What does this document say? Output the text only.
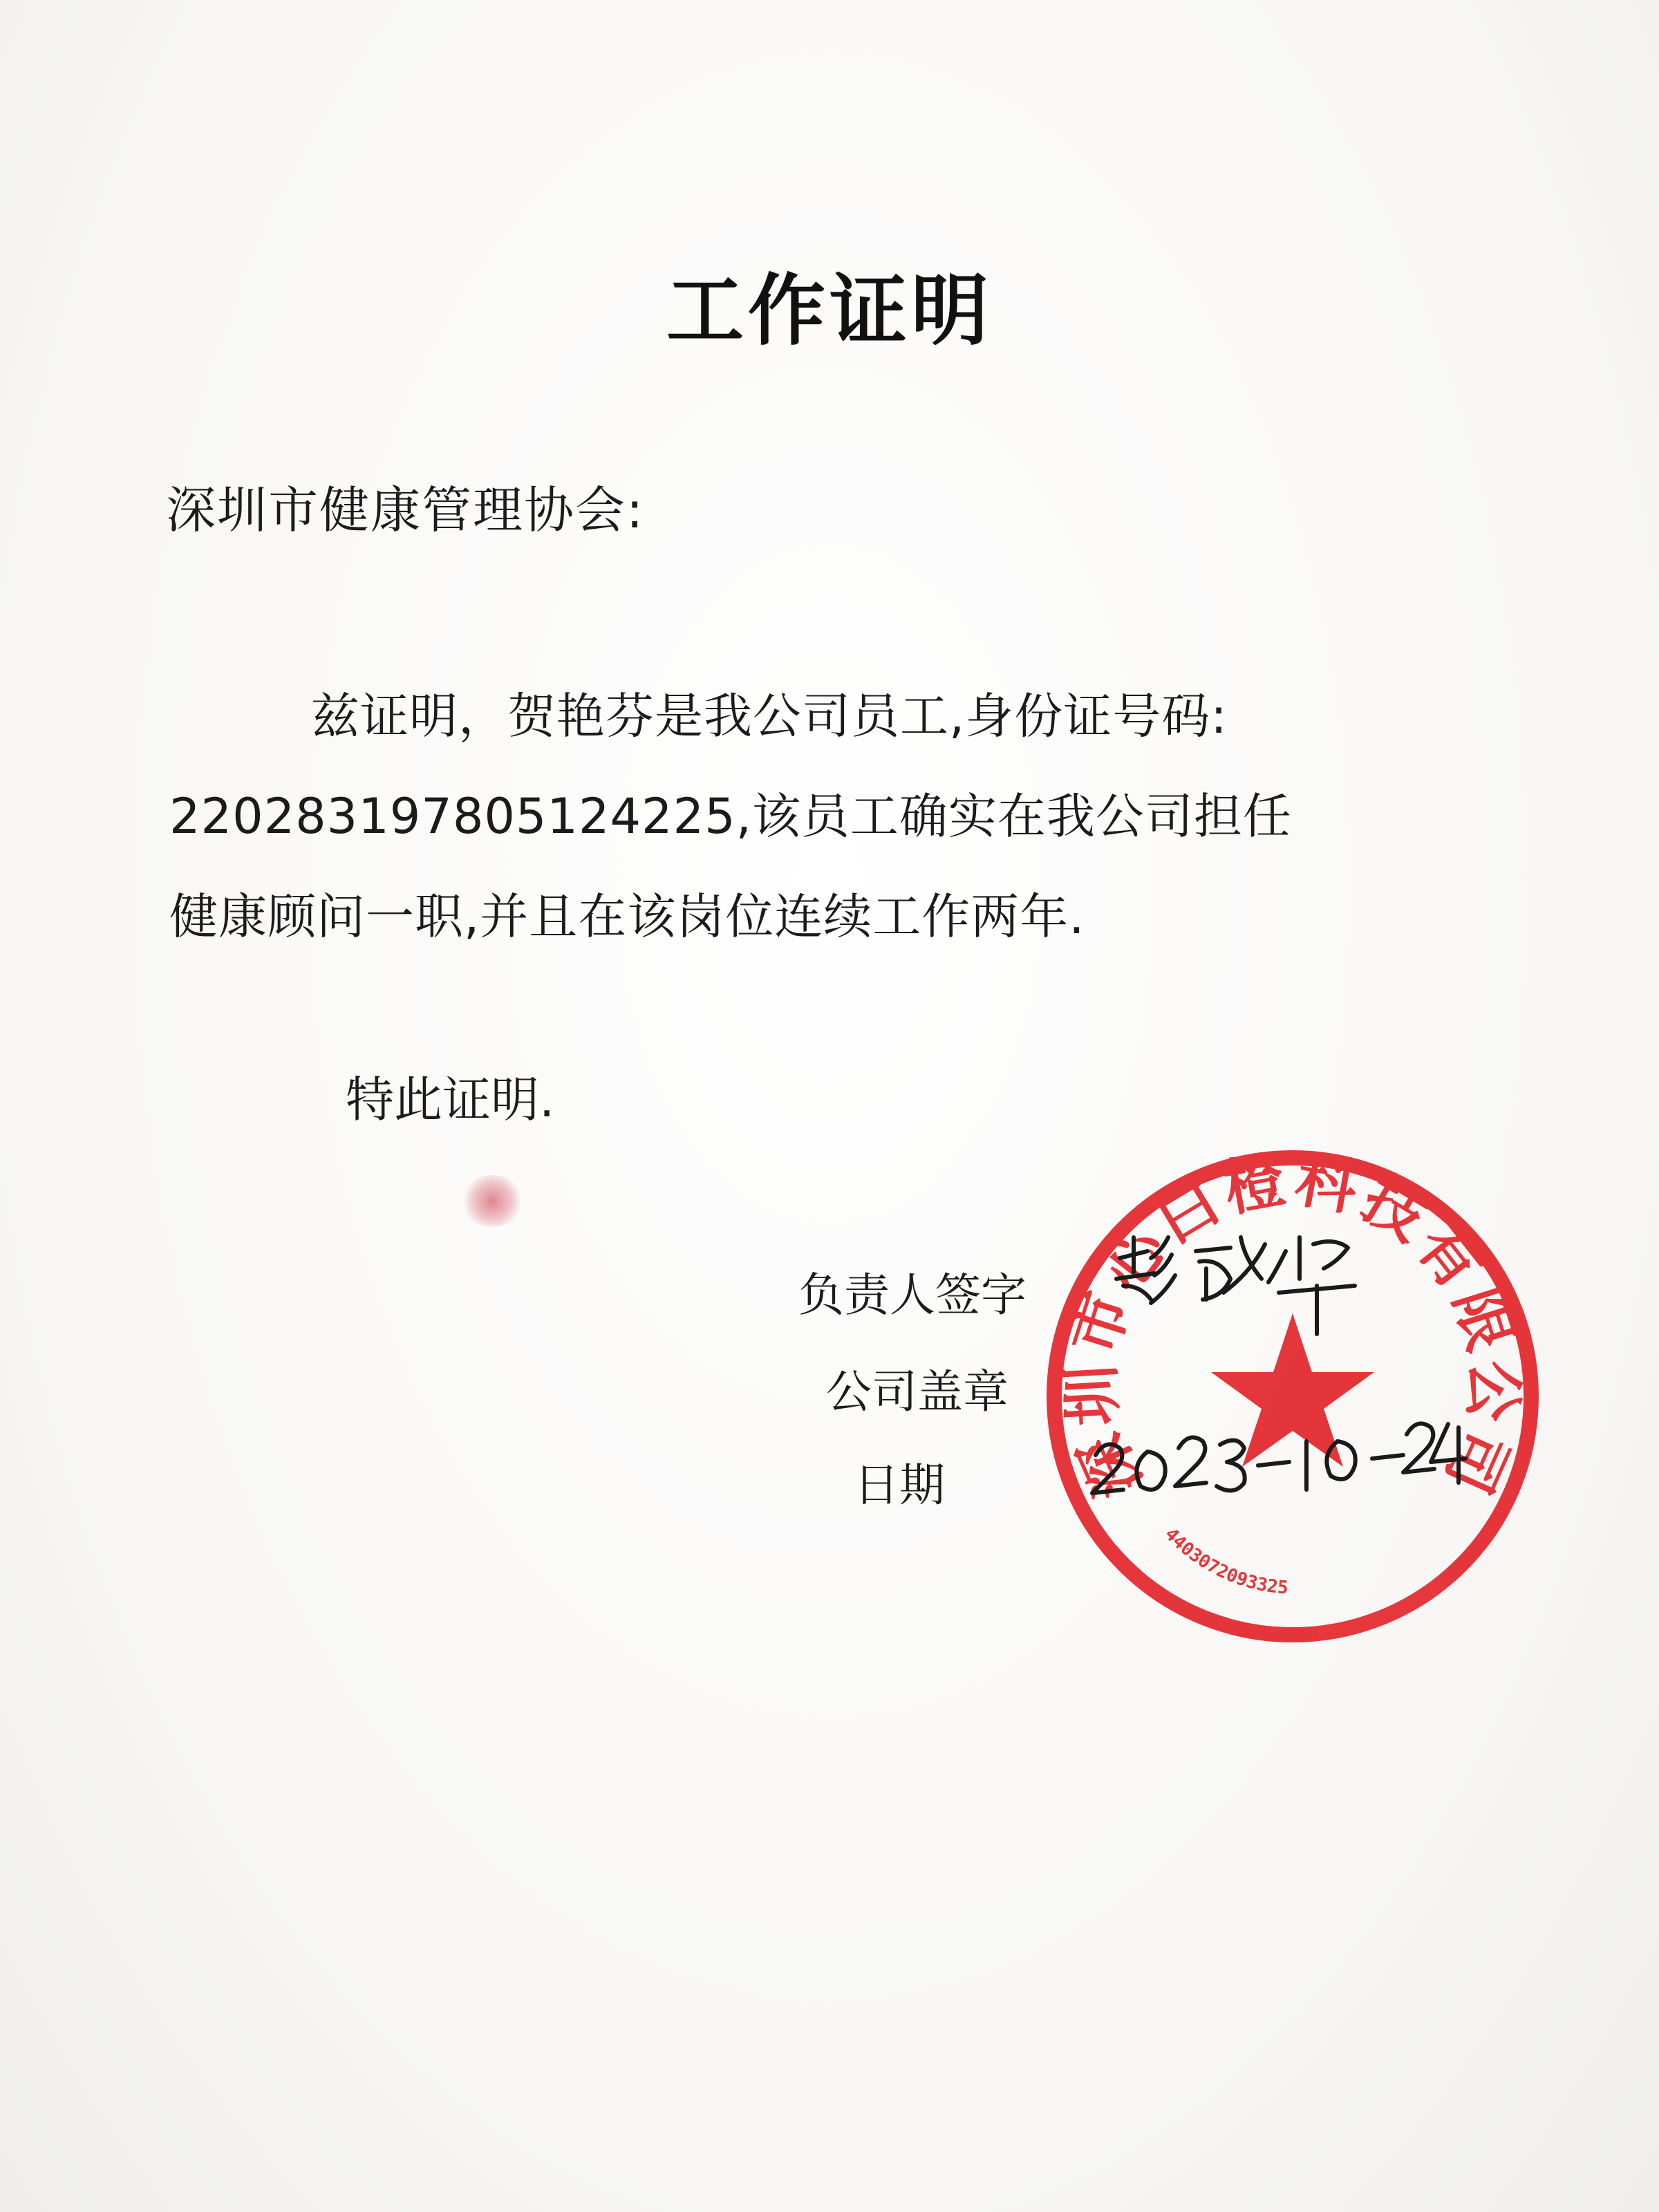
工作证明
深圳市健康管理协会:
兹证明，贺艳芬是我公司员工,身份证号码:
220283197805124225,该员工确实在我公司担任
健康顾问一职,并且在该岗位连续工作两年.
特此证明.
负责人签字
公司盖章
日期 深圳市心白橙科技有限公司
4403072093325
